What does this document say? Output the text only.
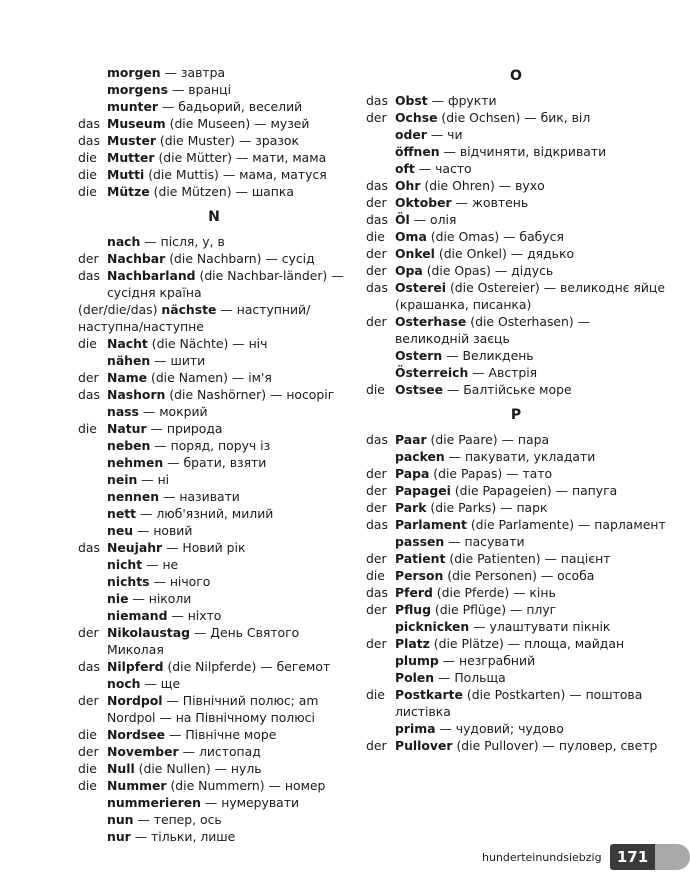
morgen — завтра
morgens — вранці
munter — бадьорий, веселий
das Museum (die Museen) — музей
das Muster (die Muster) — зразок
die Mutter (die Mütter) — мати, мама
die Mutti (die Muttis) — мама, матуся
die Mütze (die Mützen) — шапка
N
nach — після, у, в
der Nachbar (die Nachbarn) — сусід
das Nachbarland (die Nachbar-länder) — сусідня країна
(der/die/das) nächste — наступний/ наступна/наступне
die Nacht (die Nächte) — ніч
nähen — шити
der Name (die Namen) — ім'я
das Nashorn (die Nashörner) — носоріг
nass — мокрий
die Natur — природа
neben — поряд, поруч із
nehmen — брати, взяти
nein — ні
nennen — називати
nett — люб'язний, милий
neu — новий
das Neujahr — Новий рік
nicht — не
nichts — нічого
nie — ніколи
niemand — ніхто
der Nikolaustag — День Святого Миколая
das Nilpferd (die Nilpferde) — бегемот
noch — ще
der Nordpol — Північний полюс; am Nordpol — на Північному полюсі
die Nordsee — Північне море
der November — листопад
die Null (die Nullen) — нуль
die Nummer (die Nummern) — номер
nummerieren — нумерувати
nun — тепер, ось
nur — тільки, лише
O
das Obst — фрукти
der Ochse (die Ochsen) — бик, віл
oder — чи
öffnen — відчиняти, відкривати
oft — часто
das Ohr (die Ohren) — вухо
der Oktober — жовтень
das Öl — олія
die Oma (die Omas) — бабуся
der Onkel (die Onkel) — дядько
der Opa (die Opas) — дідусь
das Osterei (die Ostereier) — великоднє яйце (крашанка, писанка)
der Osterhase (die Osterhasen) — великодній заєць
Ostern — Великдень
Österreich — Австрія
die Ostsee — Балтійське море
P
das Paar (die Paare) — пара
packen — пакувати, укладати
der Papa (die Papas) — тато
der Papagei (die Papageien) — папуга
der Park (die Parks) — парк
das Parlament (die Parlamente) — парламент
passen — пасувати
der Patient (die Patienten) — пацієнт
die Person (die Personen) — особа
das Pferd (die Pferde) — кінь
der Pflug (die Pflüge) — плуг
picknicken — улаштувати пікнік
der Platz (die Plätze) — площа, майдан
plump — незграбний
Polen — Польща
die Postkarte (die Postkarten) — поштова листівка
prima — чудовий; чудово
der Pullover (die Pullover) — пуловер, светр
hunderteinundsiebzig	171
